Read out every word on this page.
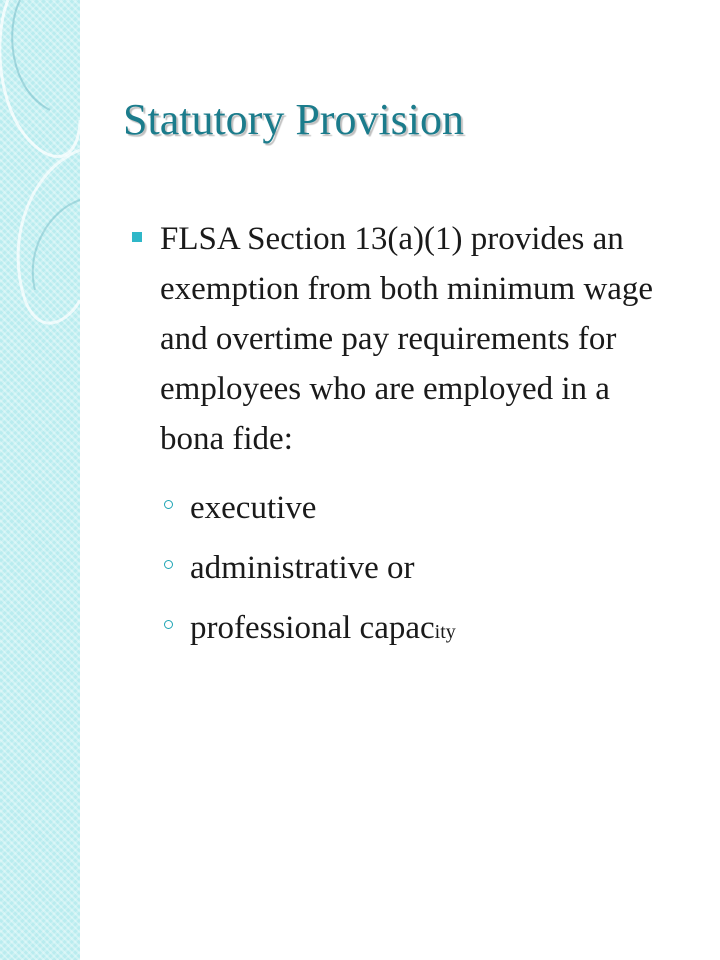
Statutory Provision
FLSA Section 13(a)(1) provides an exemption from both minimum wage and overtime pay requirements for employees who are employed in a bona fide:
executive
administrative or
professional capacity
